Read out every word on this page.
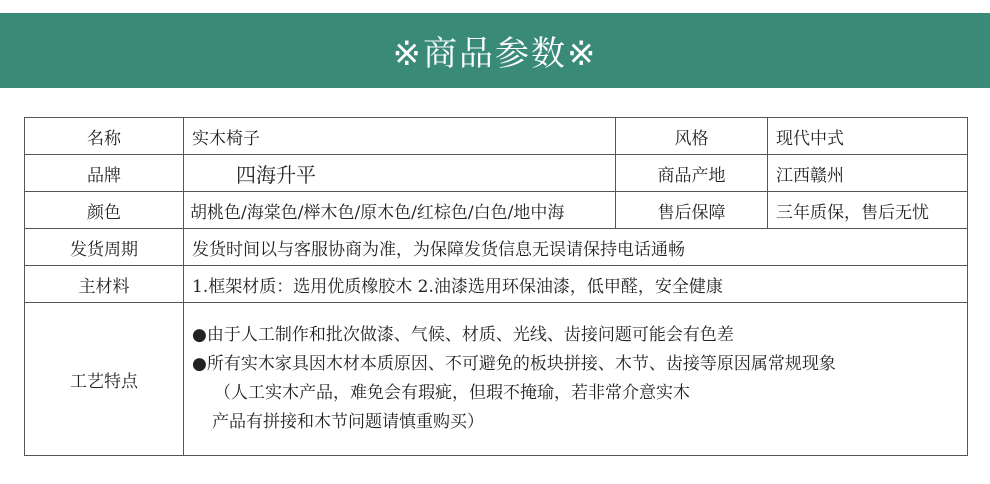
※商品参数※
名称	实木椅子	风格	现代中式
品牌	四海升平	商品产地	江西赣州
颜色	胡桃色/海棠色/榉木色/原木色/红棕色/白色/地中海	售后保障	三年质保，售后无忧
发货周期	发货时间以与客服协商为准，为保障发货信息无误请保持电话通畅		
主材料	1.框架材质：选用优质橡胶木 2.油漆选用环保油漆，低甲醛，安全健康		
工艺特点	●由于人工制作和批次做漆、气候、材质、光线、齿接问题可能会有色差
●所有实木家具因木材本质原因、不可避免的板块拼接、木节、齿接等原因属常规现象
（人工实木产品，难免会有瑕疵，但瑕不掩瑜，若非常介意实木
产品有拼接和木节问题请慎重购买）		
